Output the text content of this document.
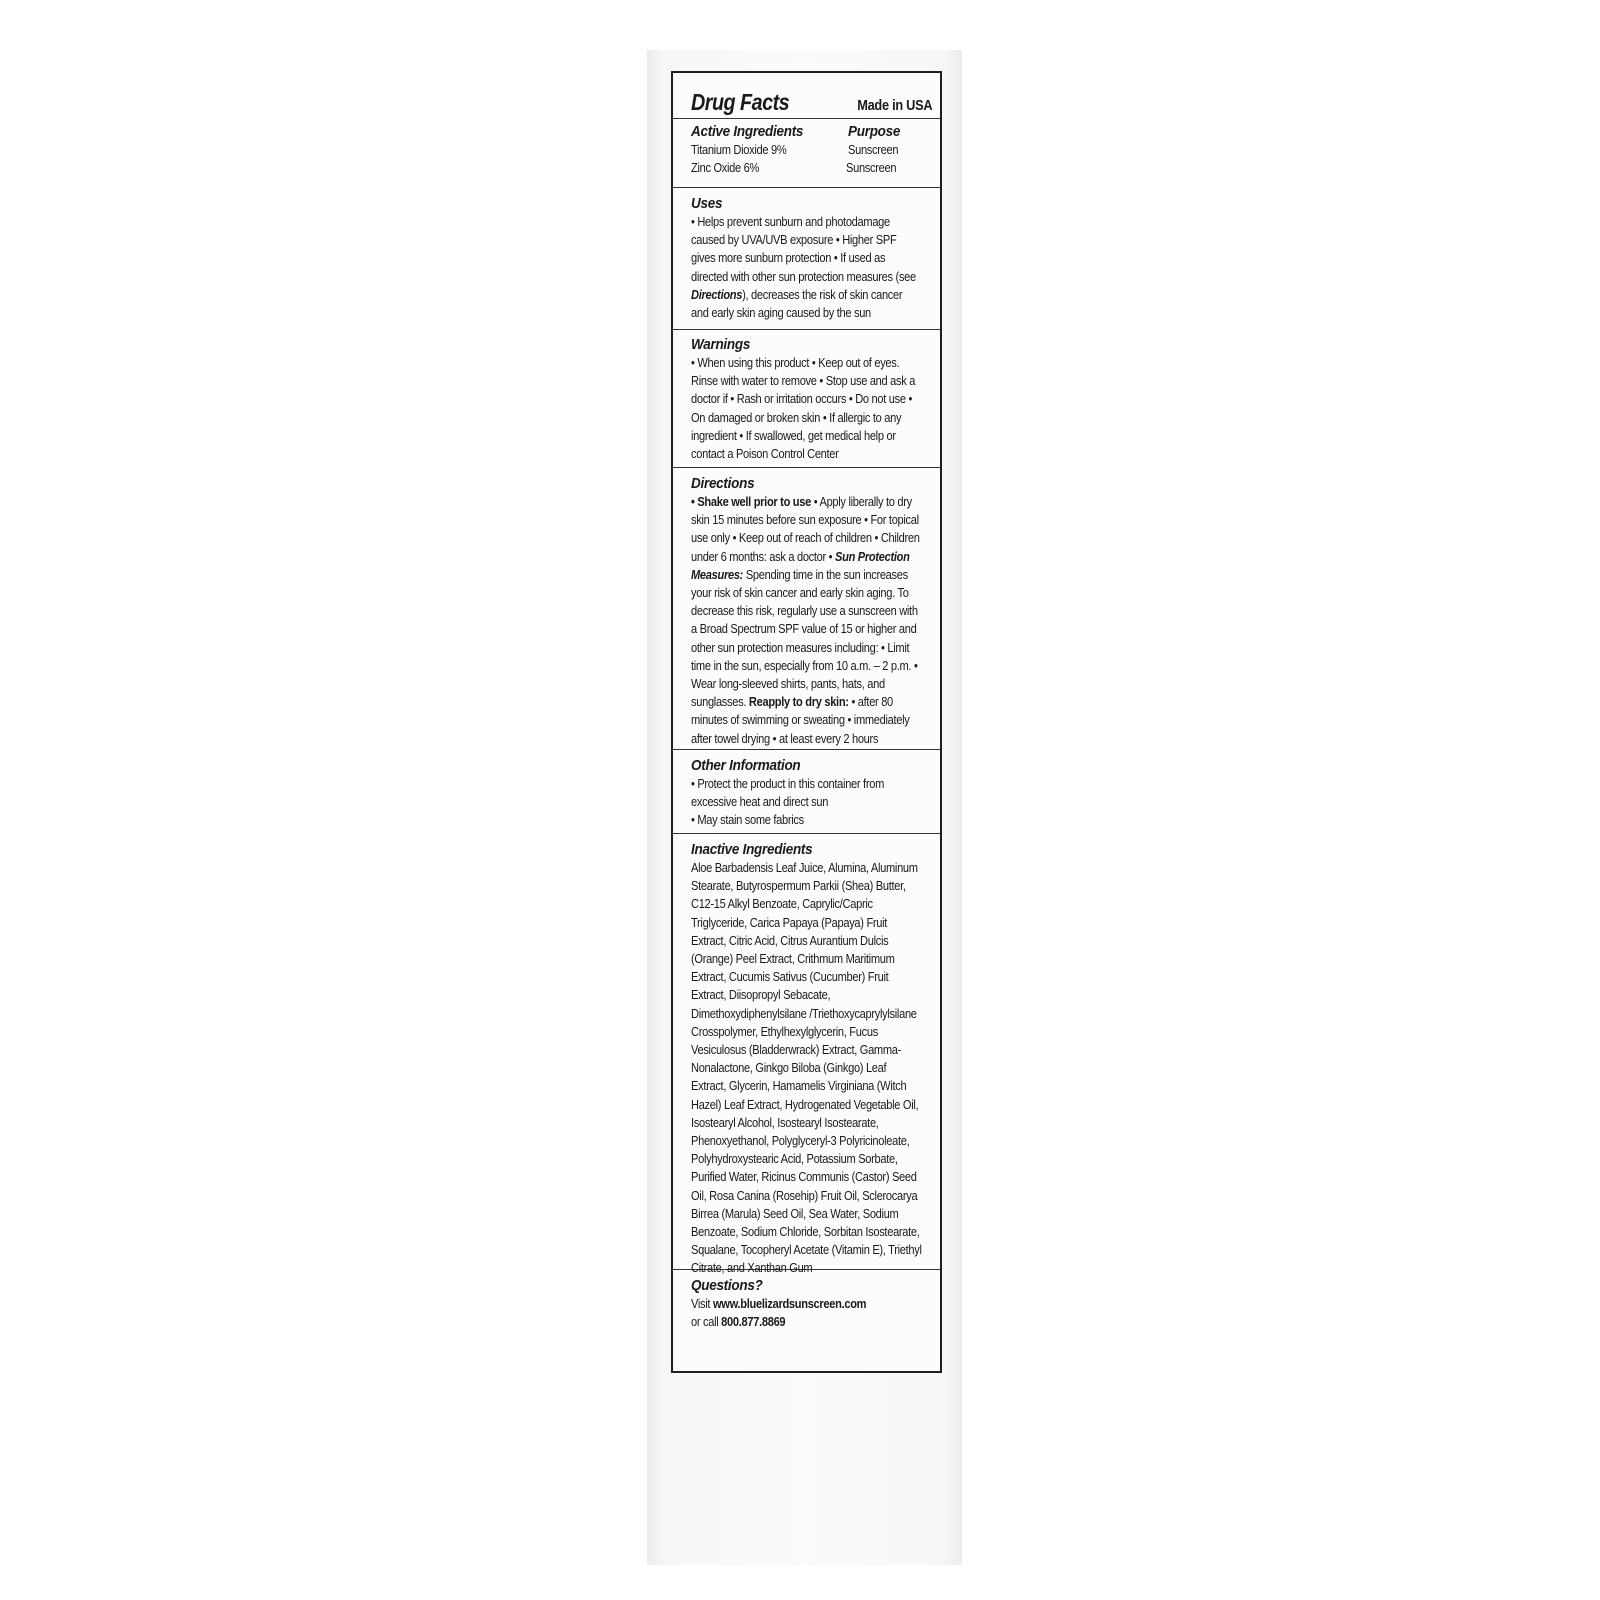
Drug Facts	Made in USA

Active Ingredients	Purpose

Titanium Dioxide 9%	Sunscreen
Zinc Oxide 6%	Sunscreen

Uses

• Helps prevent sunburn and photodamage caused by UVA/UVB exposure • Higher SPF gives more sunburn protection • If used as directed with other sun protection measures (see Directions), decreases the risk of skin cancer and early skin aging caused by the sun

Warnings

• When using this product • Keep out of eyes. Rinse with water to remove • Stop use and ask a doctor if • Rash or irritation occurs • Do not use • On damaged or broken skin • If allergic to any ingredient • If swallowed, get medical help or contact a Poison Control Center

Directions

• Shake well prior to use • Apply liberally to dry skin 15 minutes before sun exposure • For topical use only • Keep out of reach of children • Children under 6 months: ask a doctor • Sun Protection Measures: Spending time in the sun increases your risk of skin cancer and early skin aging. To decrease this risk, regularly use a sunscreen with a Broad Spectrum SPF value of 15 or higher and other sun protection measures including: • Limit time in the sun, especially from 10 a.m. – 2 p.m. • Wear long-sleeved shirts, pants, hats, and sunglasses. Reapply to dry skin: • after 80 minutes of swimming or sweating • immediately after towel drying • at least every 2 hours

Other Information

• Protect the product in this container from excessive heat and direct sun

• May stain some fabrics

Inactive Ingredients

Aloe Barbadensis Leaf Juice, Alumina, Aluminum Stearate, Butyrospermum Parkii (Shea) Butter, C12-15 Alkyl Benzoate, Caprylic/Capric Triglyceride, Carica Papaya (Papaya) Fruit Extract, Citric Acid, Citrus Aurantium Dulcis (Orange) Peel Extract, Crithmum Maritimum Extract, Cucumis Sativus (Cucumber) Fruit Extract, Diisopropyl Sebacate, Dimethoxydiphenylsilane /Triethoxycaprylylsilane Crosspolymer, Ethylhexylglycerin, Fucus Vesiculosus (Bladderwrack) Extract, Gamma-Nonalactone, Ginkgo Biloba (Ginkgo) Leaf Extract, Glycerin, Hamamelis Virginiana (Witch Hazel) Leaf Extract, Hydrogenated Vegetable Oil, Isostearyl Alcohol, Isostearyl Isostearate, Phenoxyethanol, Polyglyceryl-3 Polyricinoleate, Polyhydroxystearic Acid, Potassium Sorbate, Purified Water, Ricinus Communis (Castor) Seed Oil, Rosa Canina (Rosehip) Fruit Oil, Sclerocarya Birrea (Marula) Seed Oil, Sea Water, Sodium Benzoate, Sodium Chloride, Sorbitan Isostearate, Squalane, Tocopheryl Acetate (Vitamin E), Triethyl Citrate, and Xanthan Gum

Questions?

Visit www.bluelizardsunscreen.com

or call 800.877.8869
